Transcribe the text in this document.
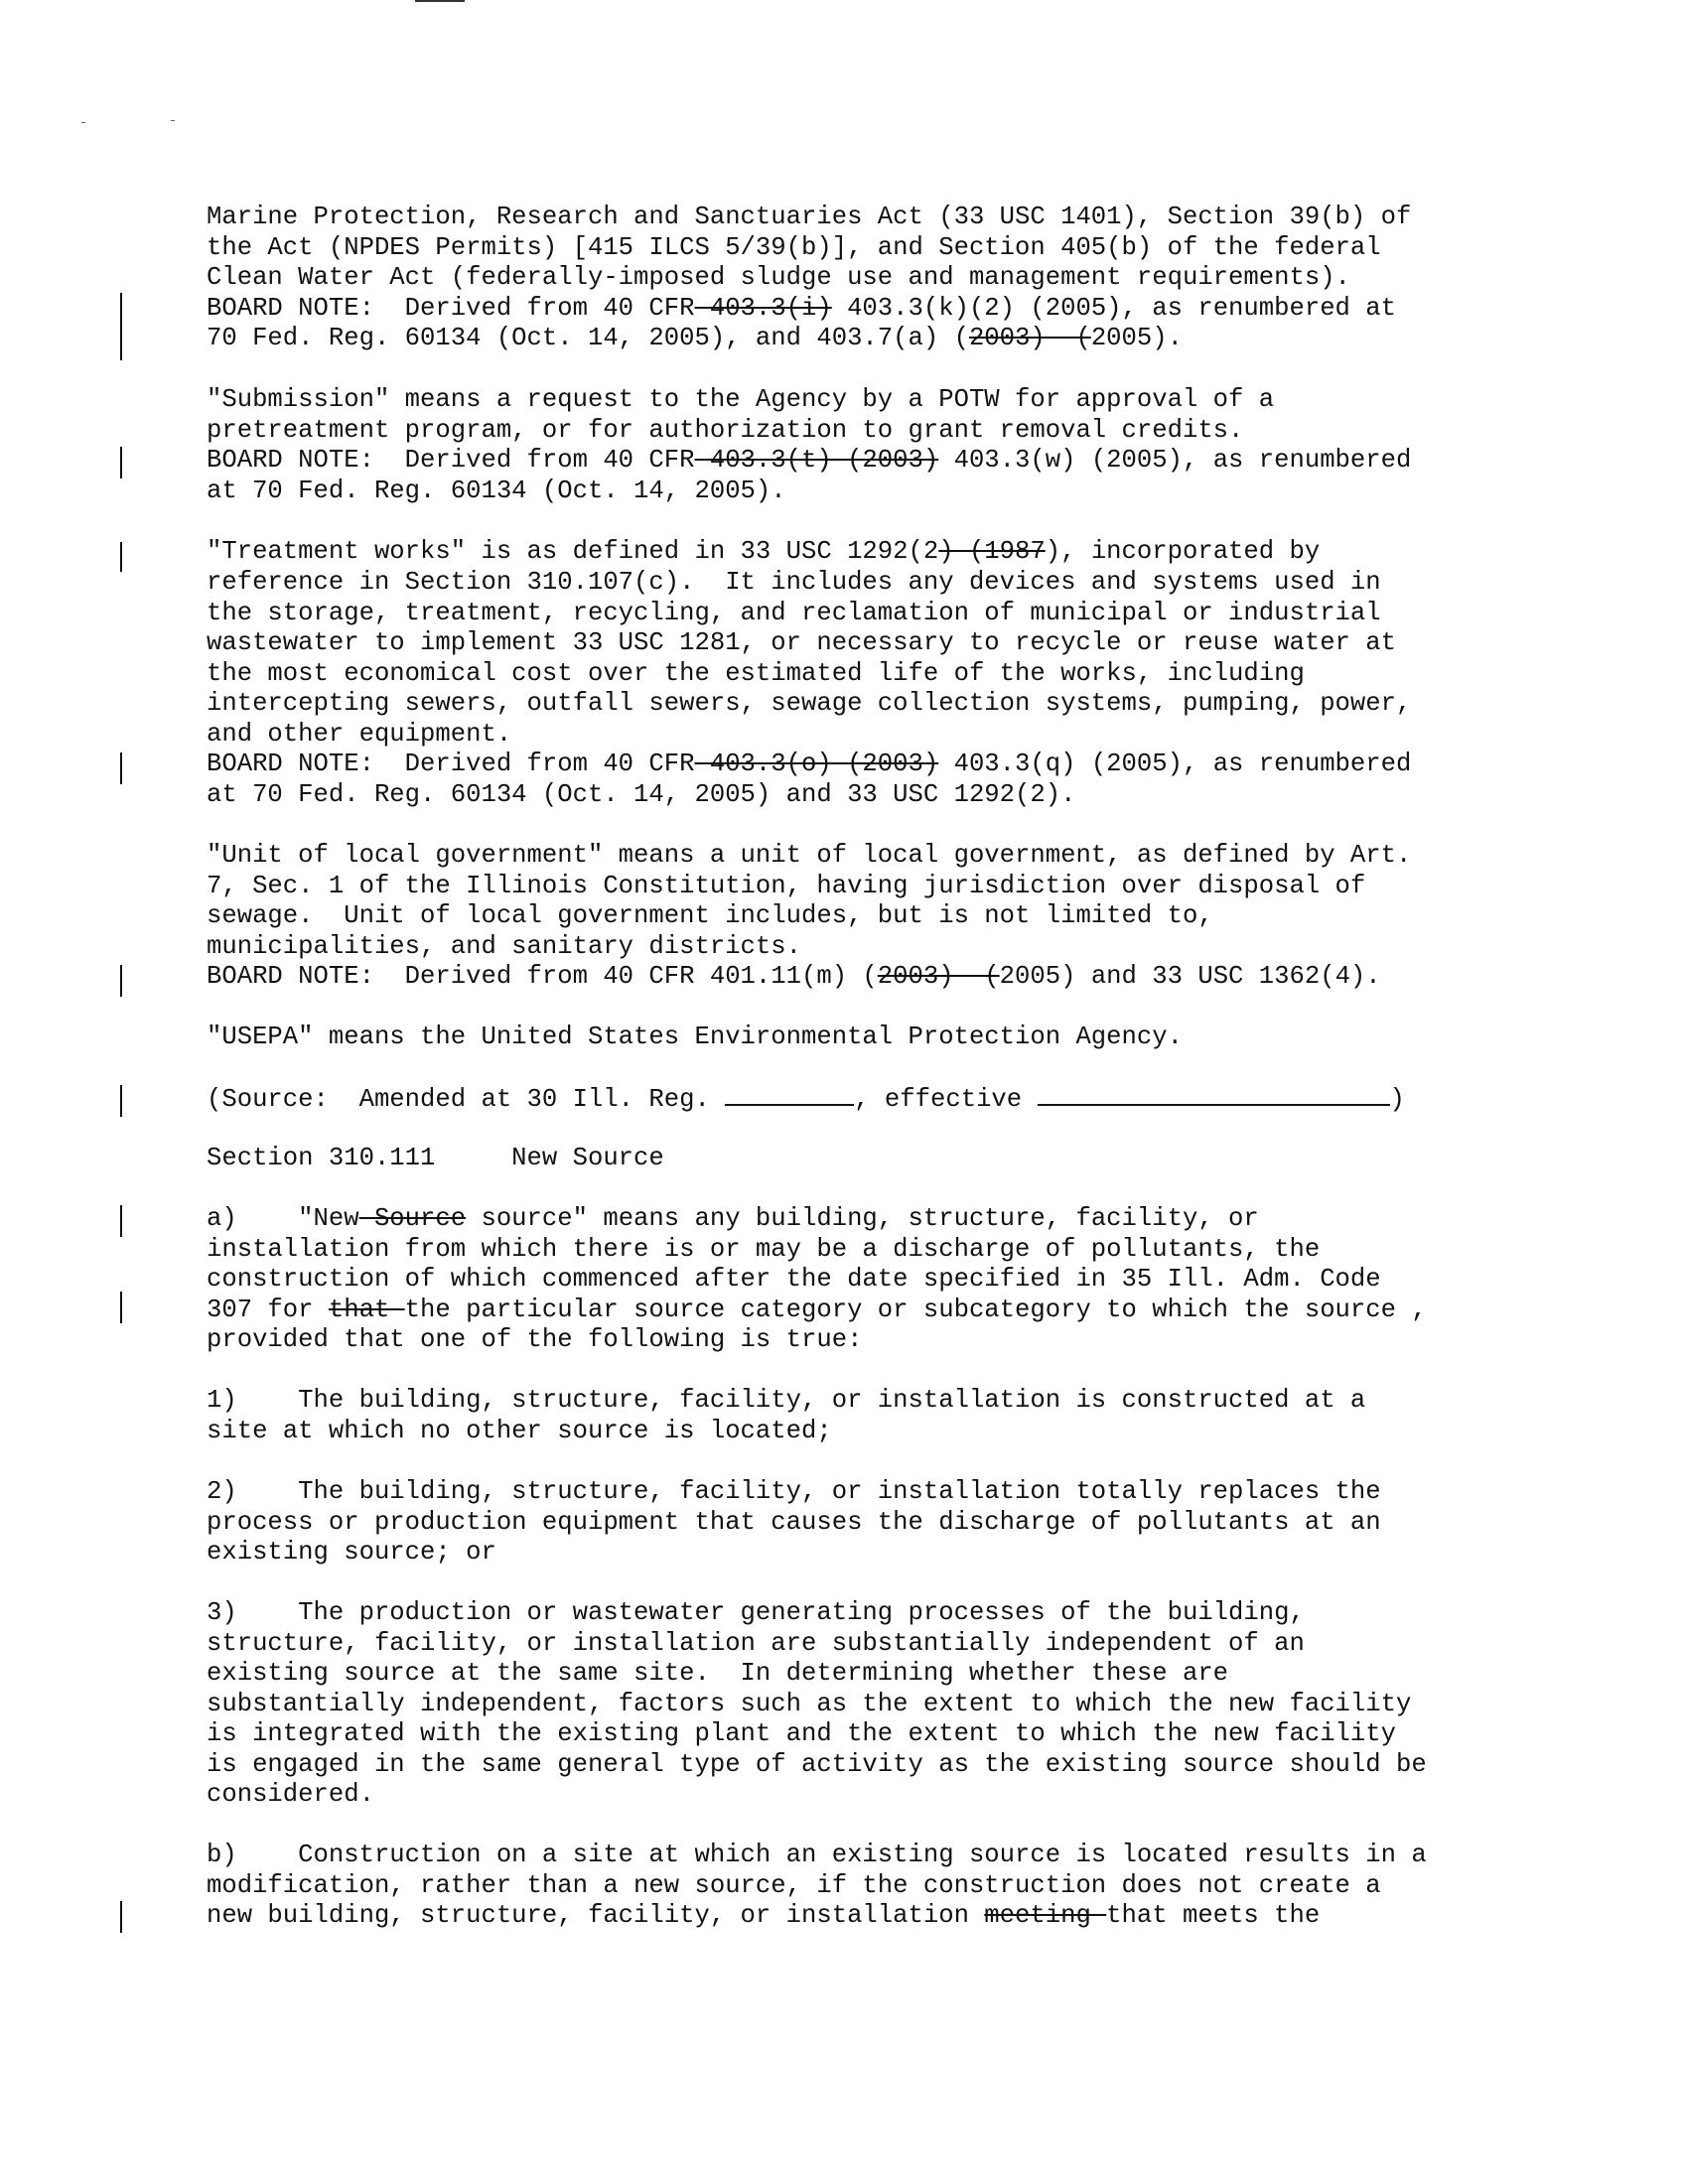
Marine Protection, Research and Sanctuaries Act (33 USC 1401), Section 39(b) of
the Act (NPDES Permits) [415 ILCS 5/39(b)], and Section 405(b) of the federal
Clean Water Act (federally-imposed sludge use and management requirements).
BOARD NOTE:  Derived from 40 CFR 403.3(i) 403.3(k)(2) (2005), as renumbered at
70 Fed. Reg. 60134 (Oct. 14, 2005), and 403.7(a) (2003)  (2005).
"Submission" means a request to the Agency by a POTW for approval of a
pretreatment program, or for authorization to grant removal credits.
BOARD NOTE:  Derived from 40 CFR 403.3(t) (2003) 403.3(w) (2005), as renumbered
at 70 Fed. Reg. 60134 (Oct. 14, 2005).
"Treatment works" is as defined in 33 USC 1292(2) (1987), incorporated by
reference in Section 310.107(c).  It includes any devices and systems used in
the storage, treatment, recycling, and reclamation of municipal or industrial
wastewater to implement 33 USC 1281, or necessary to recycle or reuse water at
the most economical cost over the estimated life of the works, including
intercepting sewers, outfall sewers, sewage collection systems, pumping, power,
and other equipment.
BOARD NOTE:  Derived from 40 CFR 403.3(o) (2003) 403.3(q) (2005), as renumbered
at 70 Fed. Reg. 60134 (Oct. 14, 2005) and 33 USC 1292(2).
"Unit of local government" means a unit of local government, as defined by Art.
7, Sec. 1 of the Illinois Constitution, having jurisdiction over disposal of
sewage.  Unit of local government includes, but is not limited to,
municipalities, and sanitary districts.
BOARD NOTE:  Derived from 40 CFR 401.11(m) (2003)  (2005) and 33 USC 1362(4).
"USEPA" means the United States Environmental Protection Agency.
(Source:  Amended at 30 Ill. Reg.	, effective	)
Section 310.111     New Source
a)    "New Source source" means any building, structure, facility, or
installation from which there is or may be a discharge of pollutants, the
construction of which commenced after the date specified in 35 Ill. Adm. Code
307 for that the particular source category or subcategory to which the source ,
provided that one of the following is true:
1)    The building, structure, facility, or installation is constructed at a
site at which no other source is located;
2)    The building, structure, facility, or installation totally replaces the
process or production equipment that causes the discharge of pollutants at an
existing source; or
3)    The production or wastewater generating processes of the building,
structure, facility, or installation are substantially independent of an
existing source at the same site.  In determining whether these are
substantially independent, factors such as the extent to which the new facility
is integrated with the existing plant and the extent to which the new facility
is engaged in the same general type of activity as the existing source should be
considered.
b)    Construction on a site at which an existing source is located results in a
modification, rather than a new source, if the construction does not create a
new building, structure, facility, or installation meeting that meets the
